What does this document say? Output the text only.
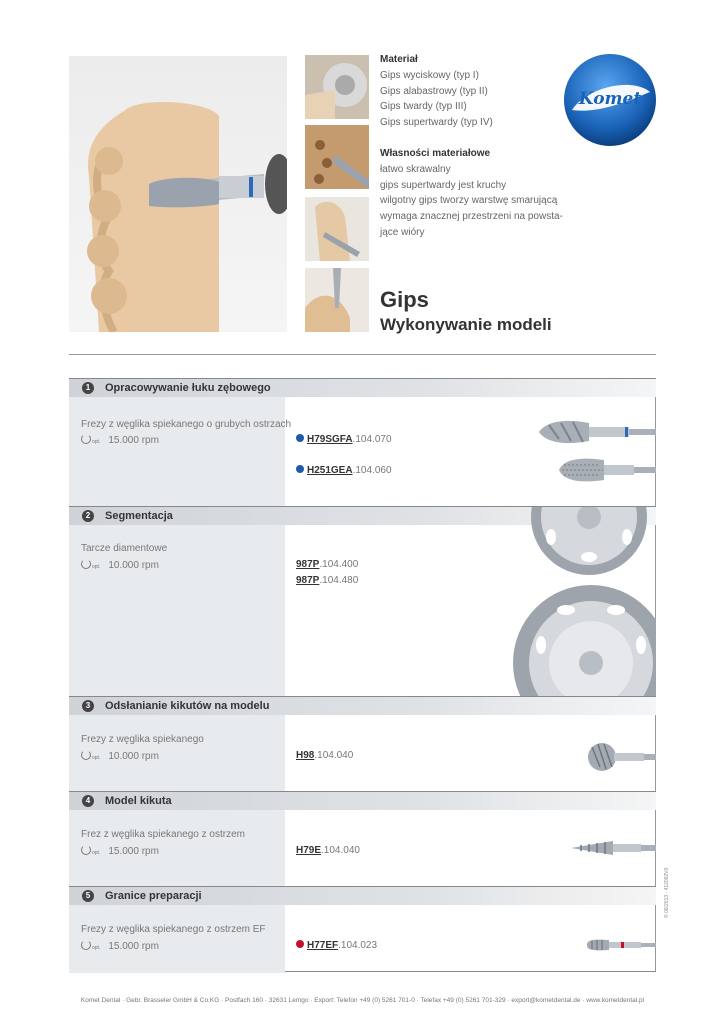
Materiał
Gips wyciskowy (typ I)
Gips alabastrowy (typ II)
Gips twardy (typ III)
Gips supertwardy (typ IV)
Własności materiałowe
łatwo skrawalny
gips supertwardy jest kruchy
wilgotny gips tworzy warstwę smarującą
wymaga znacznej przestrzeni na powsta-
jące wióry
Komet
Gips
Wykonywanie modeli
1	Opracowywanie łuku zębowego
Frezy z węglika spiekanego o grubych ostrzach
opt. 15.000 rpm	H79SGFA.104.070
H251GEA.104.060
2	Segmentacja
Tarcze diamentowe
opt. 10.000 rpm	987P.104.400
987P.104.480
3	Odsłanianie kikutów na modelu
Frezy z węglika spiekanego
opt. 10.000 rpm	H98.104.040
4	Model kikuta
Frez z węglika spiekanego z ostrzem
opt. 15.000 rpm	H79E.104.040
5	Granice preparacji
Frezy z węglika spiekanego z ostrzem EF
opt. 15.000 rpm	H77EF.104.023
© 06/2013 · 412092V0
Komet Dental · Gebr. Brasseler GmbH & Co.KG · Postfach 160 · 32631 Lemgo · Export: Telefon +49 (0) 5261 701-0 · Telefax +49 (0) 5261 701-329 · export@kometdental.de · www.kometdental.pl
